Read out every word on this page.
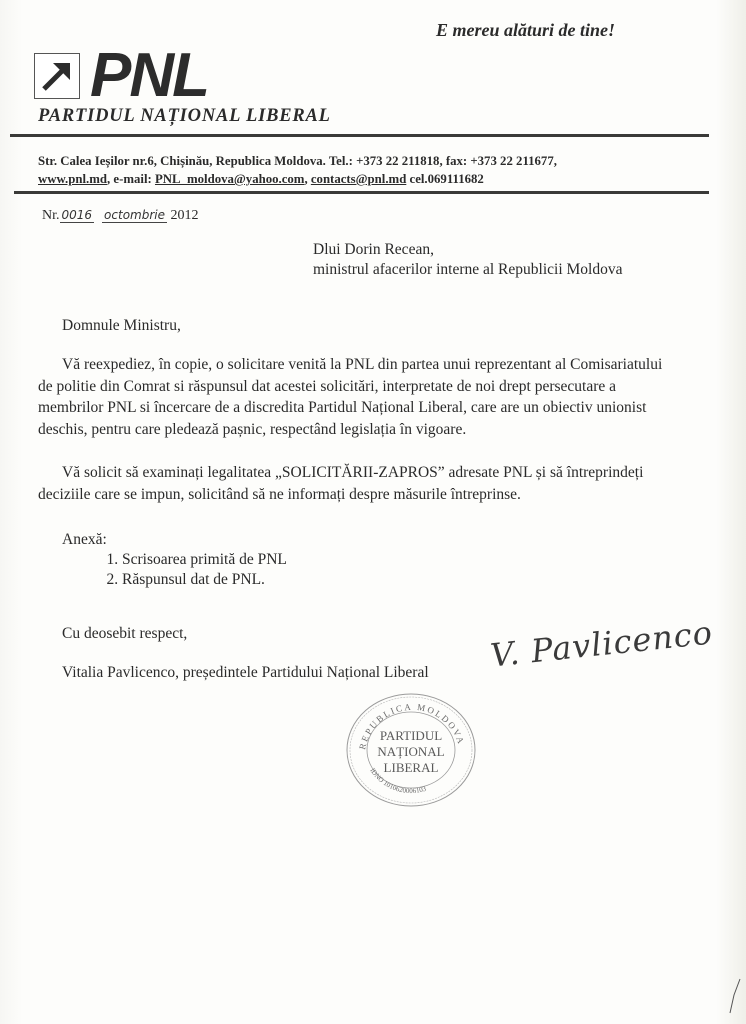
E mereu alături de tine!
PNL
PARTIDUL NAȚIONAL LIBERAL
Str. Calea Ieșilor nr.6, Chișinău, Republica Moldova. Tel.: +373 22 211818, fax: +373 22 211677,
www.pnl.md, e-mail: PNL_moldova@yahoo.com, contacts@pnl.md cel.069111682
Nr. 0016 octombrie 2012
Dlui Dorin Recean,
ministrul afacerilor interne al Republicii Moldova
Domnule Ministru,
Vă reexpediez, în copie, o solicitare venită la PNL din partea unui reprezentant al Comisariatului de politie din Comrat si răspunsul dat acestei solicitări, interpretate de noi drept persecutare a membrilor PNL si încercare de a discredita Partidul Național Liberal, care are un obiectiv unionist deschis, pentru care pledează pașnic, respectând legislația în vigoare.
Vă solicit să examinați legalitatea „SOLICITĂRII-ZAPROS” adresate PNL și să întreprindeți deciziile care se impun, solicitând să ne informați despre măsurile întreprinse.
Anexă:
1. Scrisoarea primită de PNL
2. Răspunsul dat de PNL.
Cu deosebit respect,
Vitalia Pavlicenco, președintele Partidului Național Liberal V. Pavlicenco
REPUBLICA MOLDOVA
IDNO 1010620006103
PARTIDUL
NAȚIONAL
LIBERAL
